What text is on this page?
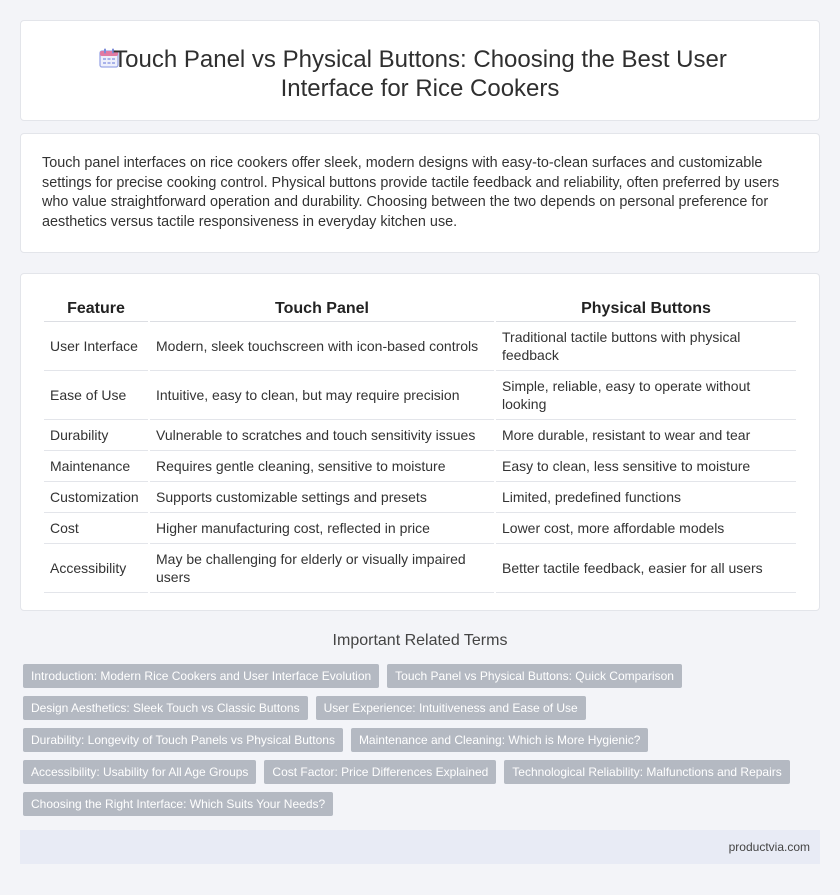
Touch Panel vs Physical Buttons: Choosing the Best User
Interface for Rice Cookers

Touch panel interfaces on rice cookers offer sleek, modern designs with easy-to-clean surfaces and customizable settings for precise cooking control. Physical buttons provide tactile feedback and reliability, often preferred by users who value straightforward operation and durability. Choosing between the two depends on personal preference for aesthetics versus tactile responsiveness in everyday kitchen use.

Feature	Touch Panel	Physical Buttons
User Interface	Modern, sleek touchscreen with icon-based controls	Traditional tactile buttons with physical feedback
Ease of Use	Intuitive, easy to clean, but may require precision	Simple, reliable, easy to operate without looking
Durability	Vulnerable to scratches and touch sensitivity issues	More durable, resistant to wear and tear
Maintenance	Requires gentle cleaning, sensitive to moisture	Easy to clean, less sensitive to moisture
Customization	Supports customizable settings and presets	Limited, predefined functions
Cost	Higher manufacturing cost, reflected in price	Lower cost, more affordable models
Accessibility	May be challenging for elderly or visually impaired users	Better tactile feedback, easier for all users
Important Related Terms
Introduction: Modern Rice Cookers and User Interface Evolution	Touch Panel vs Physical Buttons: Quick Comparison
Design Aesthetics: Sleek Touch vs Classic Buttons	User Experience: Intuitiveness and Ease of Use
Durability: Longevity of Touch Panels vs Physical Buttons	Maintenance and Cleaning: Which is More Hygienic?
Accessibility: Usability for All Age Groups	Cost Factor: Price Differences Explained	Technological Reliability: Malfunctions and Repairs
Choosing the Right Interface: Which Suits Your Needs?
productvia.com
